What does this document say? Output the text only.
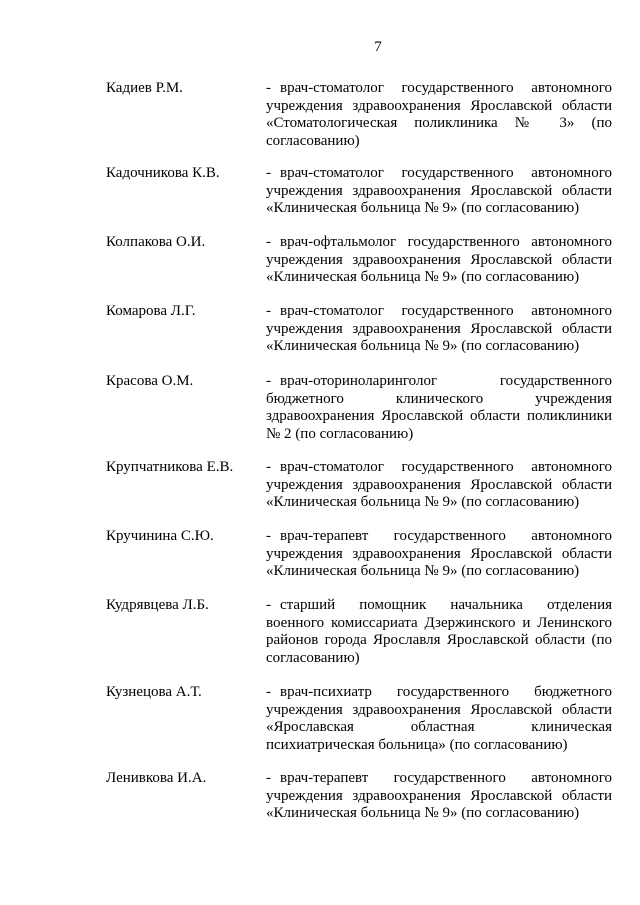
7
Кадиев Р.М.	- врач-стоматолог государственного автономного учреждения здравоохранения Ярославской области «Стоматологическая поликлиника № 3» (по согласованию)
Кадочникова К.В.	- врач-стоматолог государственного автономного учреждения здравоохранения Ярославской области «Клиническая больница № 9» (по согласованию)
Колпакова О.И.	- врач-офтальмолог государственного автономного учреждения здравоохранения Ярославской области «Клиническая больница № 9» (по согласованию)
Комарова Л.Г.	- врач-стоматолог государственного автономного учреждения здравоохранения Ярославской области «Клиническая больница № 9» (по согласованию)
Красова О.М.	- врач-оториноларинголог государственного бюджетного клинического учреждения здравоохранения Ярославской области поликлиники № 2 (по согласованию)
Крупчатникова Е.В. - врач-стоматолог государственного автономного учреждения здравоохранения Ярославской области «Клиническая больница № 9» (по согласованию)
Кручинина С.Ю.	- врач-терапевт государственного автономного учреждения здравоохранения Ярославской области «Клиническая больница № 9» (по согласованию)
Кудрявцева Л.Б.	- старший помощник начальника отделения военного комиссариата Дзержинского и Ленинского районов города Ярославля Ярославской области (по согласованию)
Кузнецова А.Т.	- врач-психиатр государственного бюджетного учреждения здравоохранения Ярославской области «Ярославская областная клиническая психиатрическая больница» (по согласованию)
Ленивкова И.А.	- врач-терапевт государственного автономного учреждения здравоохранения Ярославской области «Клиническая больница № 9» (по согласованию)
